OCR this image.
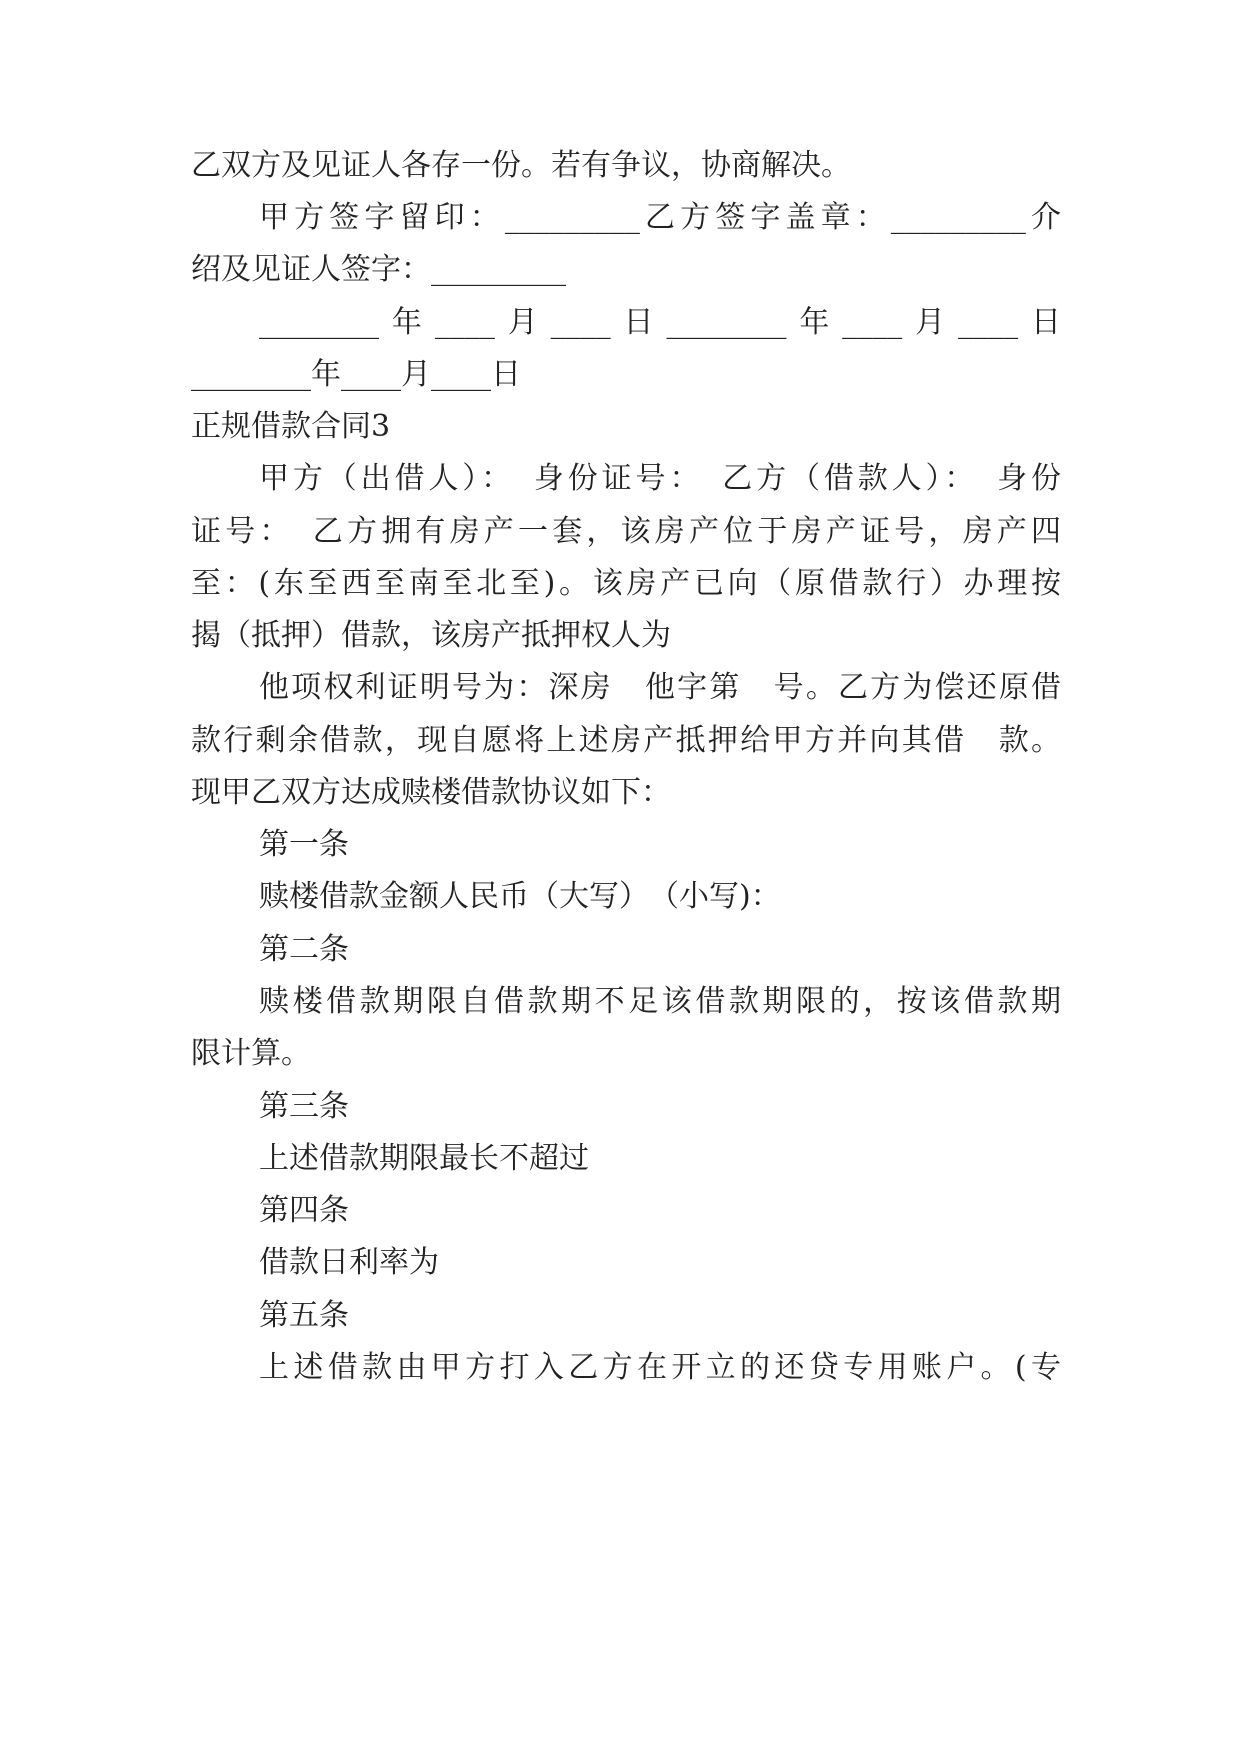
乙双方及见证人各存一份。若有争议，协商解决。
甲方签字留印：_________乙方签字盖章：_________介
绍及见证人签字：_________
________年____月____日________年____月____日
________年____月____日
正规借款合同3
甲方（出借人）：　身份证号：　乙方（借款人）：　身份
证号：　乙方拥有房产一套，该房产位于房产证号，房产四
至：(东至西至南至北至)。该房产已向（原借款行）办理按
揭（抵押）借款，该房产抵押权人为
他项权利证明号为：深房　他字第　号。乙方为偿还原借
款行剩余借款，现自愿将上述房产抵押给甲方并向其借　款。
现甲乙双方达成赎楼借款协议如下：
第一条
赎楼借款金额人民币（大写）　（小写)：
第二条
赎楼借款期限自借款期不足该借款期限的，按该借款期
限计算。
第三条
上述借款期限最长不超过
第四条
借款日利率为
第五条
上述借款由甲方打入乙方在开立的还贷专用账户。(专
